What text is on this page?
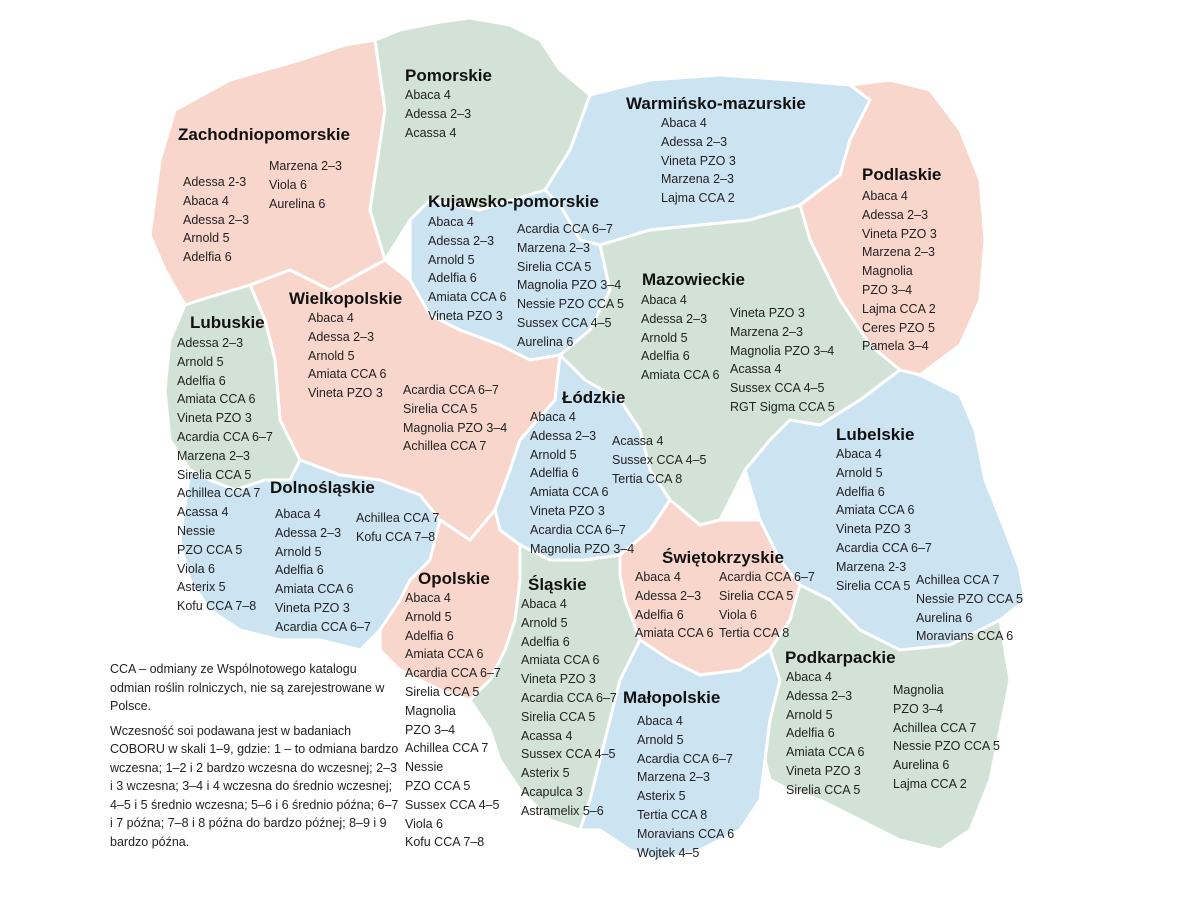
Pomorskie
Abaca 4
Adessa 2–3
Acassa 4
Zachodniopomorskie
Adessa 2-3
Abaca 4
Adessa 2–3
Arnold 5
Adelfia 6
Marzena 2–3
Viola 6
Aurelina 6
Warmińsko-mazurskie
Abaca 4
Adessa 2–3
Vineta PZO 3
Marzena 2–3
Lajma CCA 2
Podlaskie
Abaca 4
Adessa 2–3
Vineta PZO 3
Marzena 2–3
Magnolia
PZO 3–4
Lajma CCA 2
Ceres PZO 5
Pamela 3–4
Kujawsko-pomorskie
Abaca 4
Adessa 2–3
Arnold 5
Adelfia 6
Amiata CCA 6
Vineta PZO 3
Acardia CCA 6–7
Marzena 2–3
Sirelia CCA 5
Magnolia PZO 3–4
Nessie PZO CCA 5
Sussex CCA 4–5
Aurelina 6
Mazowieckie
Abaca 4
Adessa 2–3
Arnold 5
Adelfia 6
Amiata CCA 6
Vineta PZO 3
Marzena 2–3
Magnolia PZO 3–4
Acassa 4
Sussex CCA 4–5
RGT Sigma CCA 5
Wielkopolskie
Abaca 4
Adessa 2–3
Arnold 5
Amiata CCA 6
Vineta PZO 3 Acardia CCA 6–7
Sirelia CCA 5
Magnolia PZO 3–4
Achillea CCA 7
Lubuskie
Adessa 2–3
Arnold 5
Adelfia 6
Amiata CCA 6
Vineta PZO 3
Acardia CCA 6–7
Marzena 2–3
Sirelia CCA 5
Achillea CCA 7
Acassa 4
Nessie
PZO CCA 5
Viola 6
Asterix 5
Kofu CCA 7–8
Łódzkie
Abaca 4
Adessa 2–3
Arnold 5
Adelfia 6
Amiata CCA 6
Vineta PZO 3
Acardia CCA 6–7
Magnolia PZO 3–4
Acassa 4
Sussex CCA 4–5
Tertia CCA 8
Lubelskie
Abaca 4
Arnold 5
Adelfia 6
Amiata CCA 6
Vineta PZO 3
Acardia CCA 6–7
Marzena 2-3
Sirelia CCA 5 Achillea CCA 7
Nessie PZO CCA 5
Aurelina 6
Moravians CCA 6
Dolnośląskie
Abaca 4
Adessa 2–3
Arnold 5
Adelfia 6
Amiata CCA 6
Vineta PZO 3
Acardia CCA 6–7
Achillea CCA 7
Kofu CCA 7–8
Świętokrzyskie
Abaca 4
Adessa 2–3
Adelfia 6
Amiata CCA 6
Acardia CCA 6–7
Sirelia CCA 5
Viola 6
Tertia CCA 8
Opolskie
Abaca 4
Arnold 5
Adelfia 6
Amiata CCA 6
Acardia CCA 6–7
Sirelia CCA 5
Magnolia
PZO 3–4
Achillea CCA 7
Nessie
PZO CCA 5
Sussex CCA 4–5
Viola 6
Kofu CCA 7–8
Śląskie
Abaca 4
Arnold 5
Adelfia 6
Amiata CCA 6
Vineta PZO 3
Acardia CCA 6–7
Sirelia CCA 5
Acassa 4
Sussex CCA 4–5
Asterix 5
Acapulca 3
Astramelix 5–6
Małopolskie
Abaca 4
Arnold 5
Acardia CCA 6–7
Marzena 2–3
Asterix 5
Tertia CCA 8
Moravians CCA 6
Wojtek 4–5
Podkarpackie
Abaca 4
Adessa 2–3
Arnold 5
Adelfia 6
Amiata CCA 6
Vineta PZO 3
Sirelia CCA 5
Magnolia
PZO 3–4
Achillea CCA 7
Nessie PZO CCA 5
Aurelina 6
Lajma CCA 2

CCA – odmiany ze Wspólnotowego katalogu odmian roślin rolniczych, nie są zarejestrowane w Polsce.

Wczesność soi podawana jest w badaniach COBORU w skali 1–9, gdzie: 1 – to odmiana bardzo wczesna; 1–2 i 2 bardzo wczesna do wczesnej; 2–3 i 3 wczesna; 3–4 i 4 wczesna do średnio wczesnej; 4–5 i 5 średnio wczesna; 5–6 i 6 średnio późna; 6–7 i 7 późna; 7–8 i 8 późna do bardzo późnej; 8–9 i 9 bardzo późna.
